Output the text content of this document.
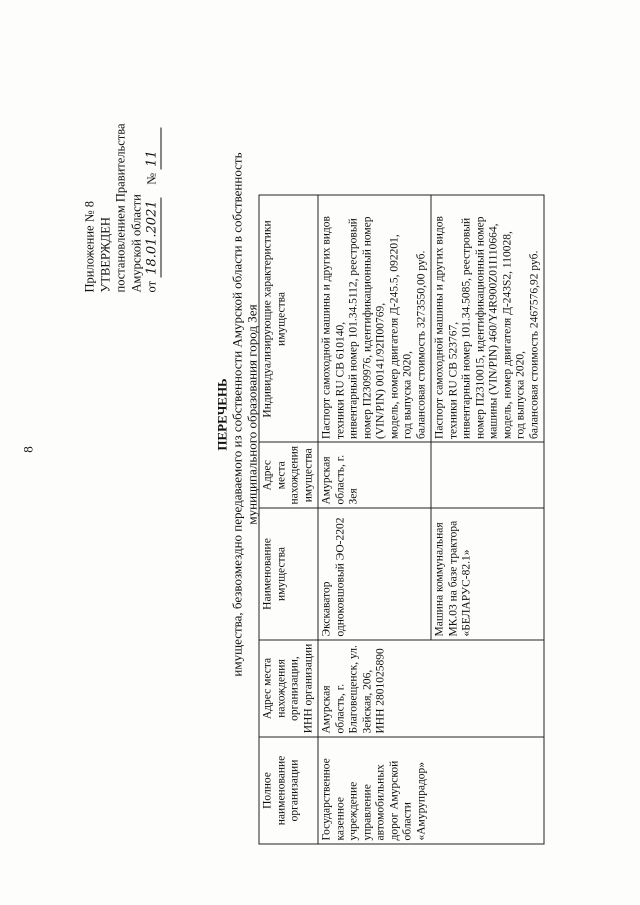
8
Приложение № 8 УТВЕРЖДЕН постановлением Правительства Амурской области от 18.01.2021    № 11
ПЕРЕЧЕНЬ имущества, безвозмездно передаваемого из собственности Амурской области в собственность муниципального образования город Зея
Полное наименование организации	Адрес места нахождения организации, ИНН организации	Наименование имущества	Адрес места нахождения имущества	Индивидуализирующие характеристики имущества
Государственное казенное учреждение управление автомобильных дорог Амурской области «Амурупрадор»	Амурская область, г. Благовещенск, ул. Зейская, 206, ИНН 2801025890	Экскаватор одноковшовый ЭО-2202	Амурская область, г. Зея	Паспорт самоходной машины и других видов техники RU CB 610140,
инвентарный номер 101.34.5112, реестровый номер П2309976, идентификационный номер (VIN/PIN) 00141/92П00769,
модель, номер двигателя Д-245.5, 092201,
год выпуска 2020,
балансовая стоимость 3273550,00 руб.
		Машина коммунальная МК.03 на базе трактора «БЕЛАРУС-82.1»		Паспорт самоходной машины и других видов техники RU CB 523767,
инвентарный номер 101.34.5085, реестровый номер П2310015, идентификационный номер машины (VIN/PIN) 460/Y4R900Z01I110664,
модель, номер двигателя Д-243S2, 110028,
год выпуска 2020,
балансовая стоимость 2467576,92 руб.
